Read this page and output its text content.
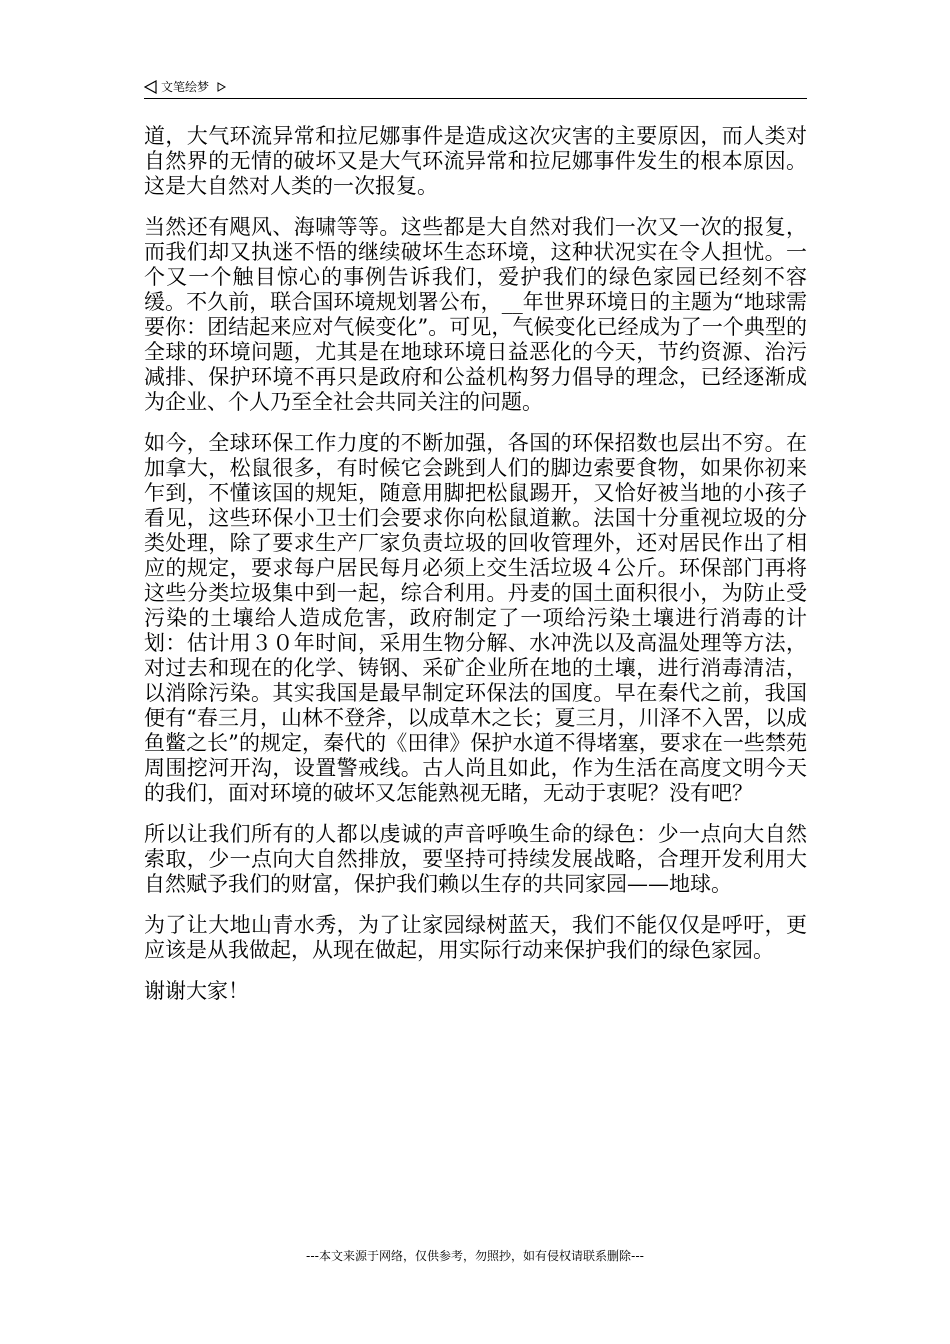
文笔绘梦

道，大气环流异常和拉尼娜事件是造成这次灾害的主要原因，而人类对自然界的无情的破坏又是大气环流异常和拉尼娜事件发生的根本原因。这是大自然对人类的一次报复。

当然还有飓风、海啸等等。这些都是大自然对我们一次又一次的报复，而我们却又执迷不悟的继续破坏生态环境，这种状况实在令人担忧。一个又一个触目惊心的事例告诉我们，爱护我们的绿色家园已经刻不容缓。不久前，联合国环境规划署公布，__年世界环境日的主题为“地球需要你：团结起来应对气候变化”。可见，气候变化已经成为了一个典型的全球的环境问题，尤其是在地球环境日益恶化的今天，节约资源、治污减排、保护环境不再只是政府和公益机构努力倡导的理念，已经逐渐成为企业、个人乃至全社会共同关注的问题。

如今，全球环保工作力度的不断加强，各国的环保招数也层出不穷。在加拿大，松鼠很多，有时候它会跳到人们的脚边索要食物，如果你初来乍到，不懂该国的规矩，随意用脚把松鼠踢开，又恰好被当地的小孩子看见，这些环保小卫士们会要求你向松鼠道歉。法国十分重视垃圾的分类处理，除了要求生产厂家负责垃圾的回收管理外，还对居民作出了相应的规定，要求每户居民每月必须上交生活垃圾４公斤。环保部门再将这些分类垃圾集中到一起，综合利用。丹麦的国土面积很小，为防止受污染的土壤给人造成危害，政府制定了一项给污染土壤进行消毒的计划：估计用３０年时间，采用生物分解、水冲洗以及高温处理等方法，对过去和现在的化学、铸钢、采矿企业所在地的土壤，进行消毒清洁，以消除污染。其实我国是最早制定环保法的国度。早在秦代之前，我国便有“春三月，山林不登斧，以成草木之长；夏三月，川泽不入罟，以成鱼鳖之长”的规定，秦代的《田律》保护水道不得堵塞，要求在一些禁苑周围挖河开沟，设置警戒线。古人尚且如此，作为生活在高度文明今天的我们，面对环境的破坏又怎能熟视无睹，无动于衷呢？没有吧？

所以让我们所有的人都以虔诚的声音呼唤生命的绿色：少一点向大自然索取，少一点向大自然排放，要坚持可持续发展战略，合理开发利用大自然赋予我们的财富，保护我们赖以生存的共同家园——地球。

为了让大地山青水秀，为了让家园绿树蓝天，我们不能仅仅是呼吁，更应该是从我做起，从现在做起，用实际行动来保护我们的绿色家园。

谢谢大家！

---本文来源于网络，仅供参考，勿照抄，如有侵权请联系删除---
